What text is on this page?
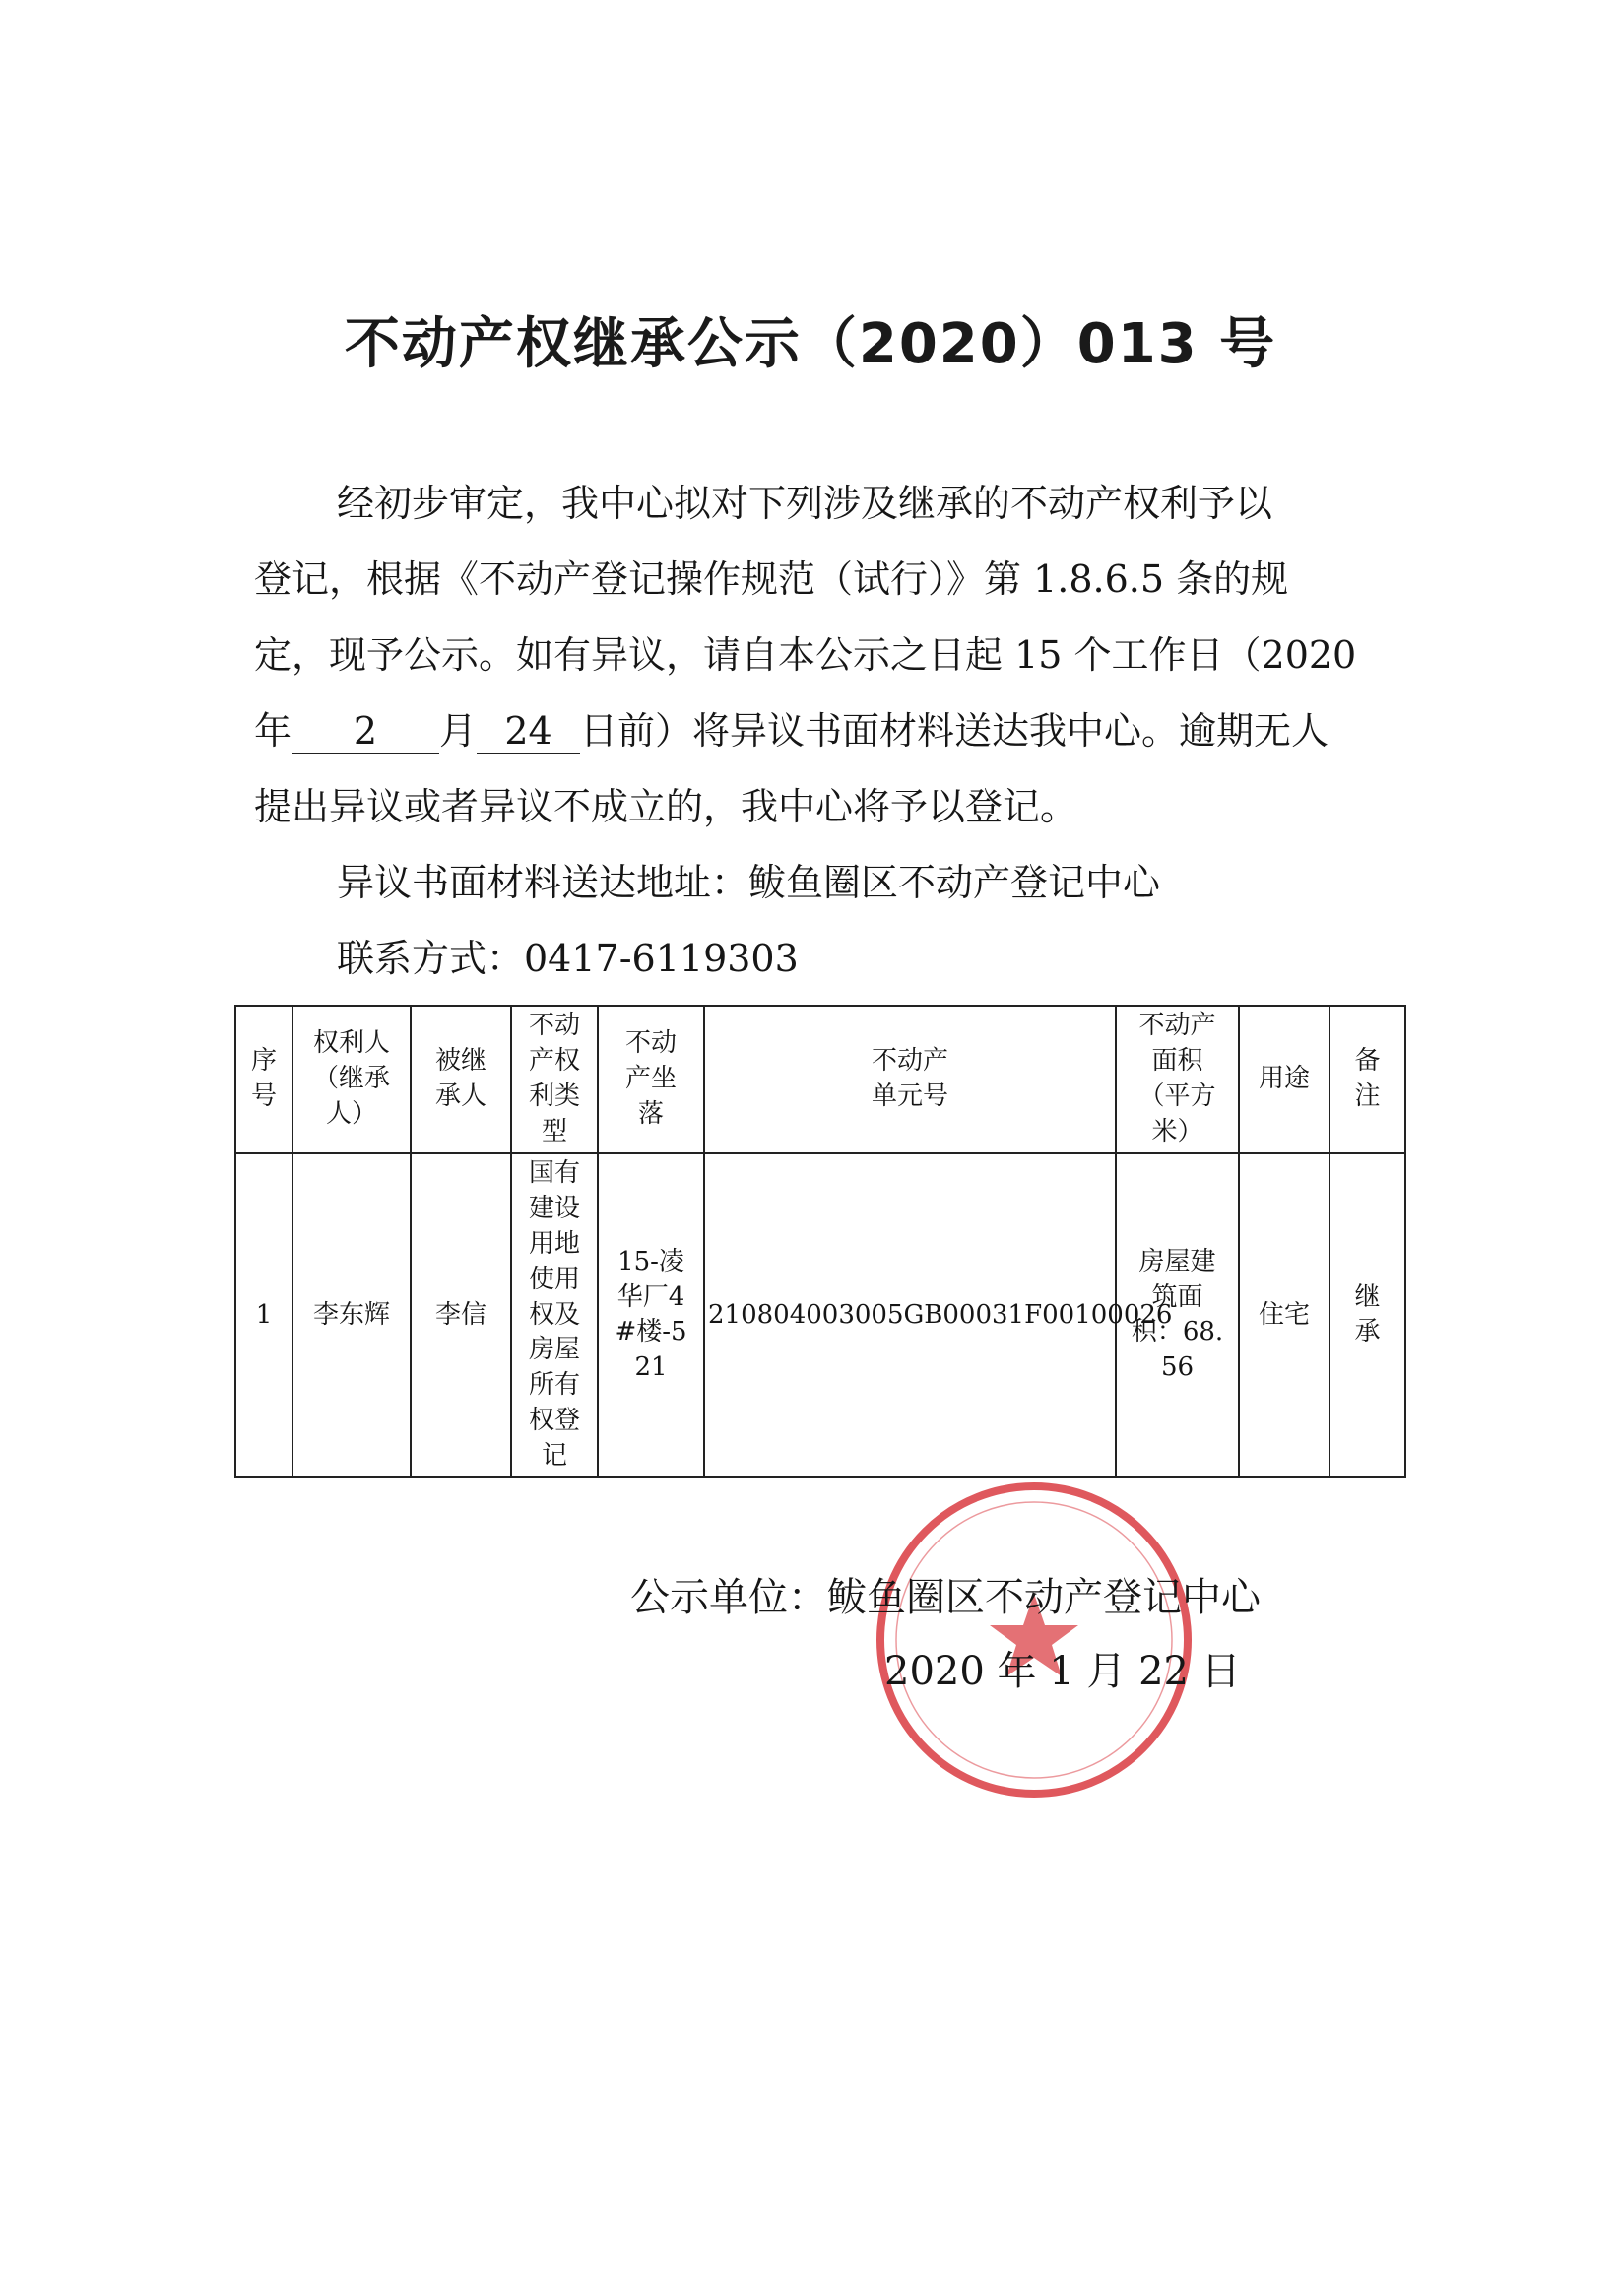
不动产权继承公示（2020）013 号
经初步审定，我中心拟对下列涉及继承的不动产权利予以
登记，根据《不动产登记操作规范（试行）》第 1.8.6.5 条的规
定，现予公示。如有异议，请自本公示之日起 15 个工作日（2020
年 2 月 24 日前）将异议书面材料送达我中心。逾期无人
提出异议或者异议不成立的，我中心将予以登记。
异议书面材料送达地址：鲅鱼圈区不动产登记中心
联系方式：0417-6119303
序号	权利人（继承人）	被继承人	不动产权利类型	不动产坐落	不动产单元号	不动产面积（平方米）	用途	备注
1	李东辉	李信	国有建设用地使用权及房屋所有权登记	15-凌华厂4#楼-521	210804003005GB00031F00100026	房屋建筑面积：68.56	住宅	继承
公示单位：鲅鱼圈区不动产登记中心
2020 年 1 月 22 日
